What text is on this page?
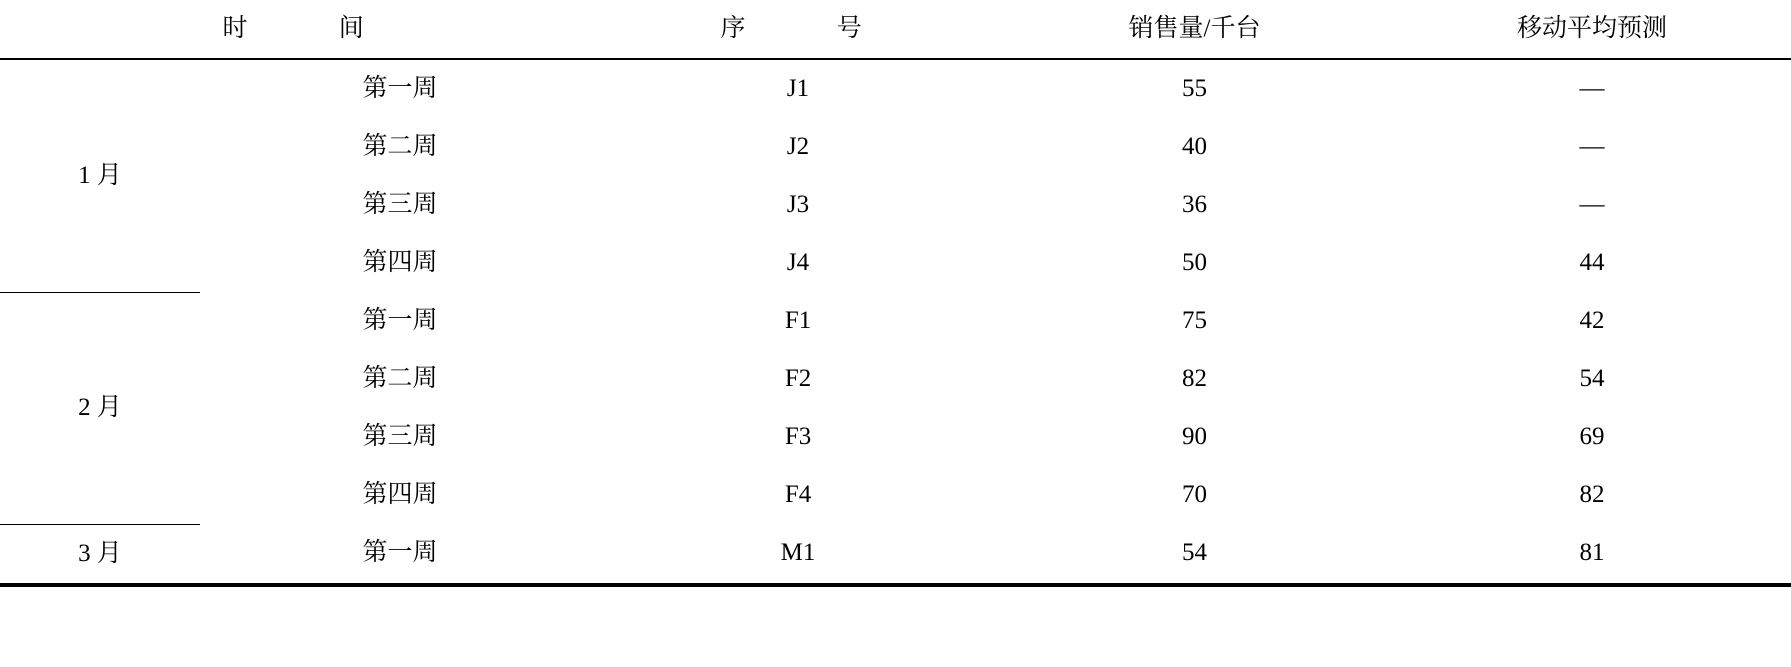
时　　间		序　　号	销售量/千台	移动平均预测
1 月	第一周	J1	55	—
	第二周	J2	40	—
	第三周	J3	36	—
	第四周	J4	50	44
2 月	第一周	F1	75	42
	第二周	F2	82	54
	第三周	F3	90	69
	第四周	F4	70	82
3 月	第一周	M1	54	81
